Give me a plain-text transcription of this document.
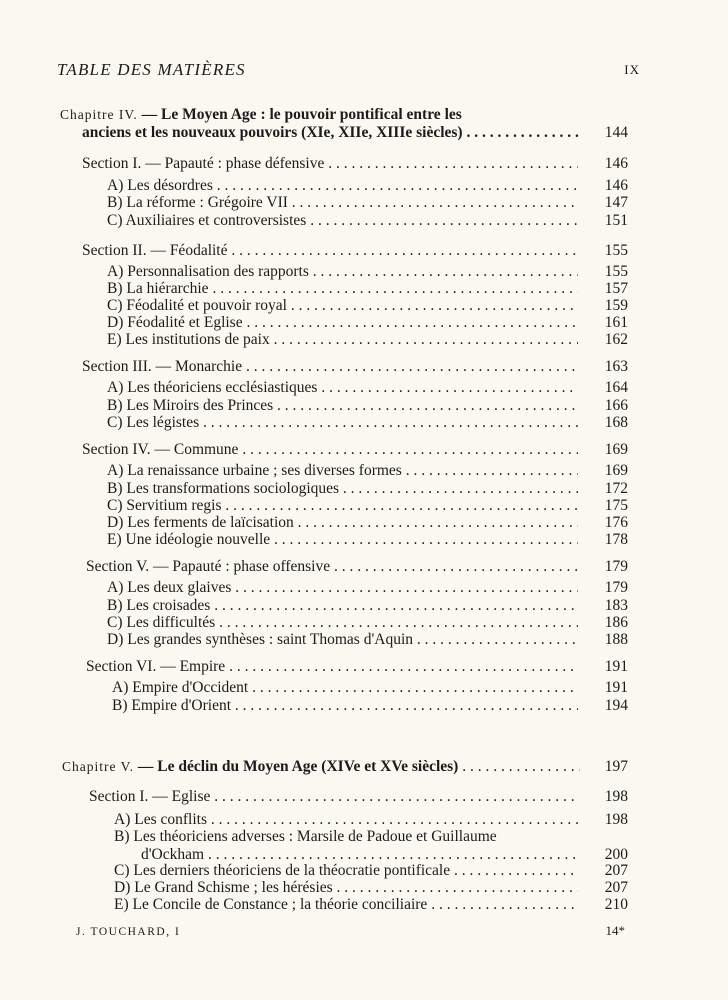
TABLE DES MATIÈRES	IX
Chapitre IV. — Le Moyen Age : le pouvoir pontifical entre les
anciens et les nouveaux pouvoirs (XIe, XIIe, XIIIe siècles) . . .	144
Section I. — Papauté : phase défensive . . .	146
A) Les désordres . . .	146
B) La réforme : Grégoire VII . . .	147
C) Auxiliaires et controversistes . . .	151
Section II. — Féodalité . . .	155
A) Personnalisation des rapports . . .	155
B) La hiérarchie . . .	157
C) Féodalité et pouvoir royal . . .	159
D) Féodalité et Eglise . . .	161
E) Les institutions de paix . . .	162
Section III. — Monarchie . . .	163
A) Les théoriciens ecclésiastiques . . .	164
B) Les Miroirs des Princes . . .	166
C) Les légistes . . .	168
Section IV. — Commune . . .	169
A) La renaissance urbaine ; ses diverses formes . . .	169
B) Les transformations sociologiques . . .	172
C) Servitium regis . . .	175
D) Les ferments de laïcisation . . .	176
E) Une idéologie nouvelle . . .	178
Section V. — Papauté : phase offensive . . .	179
A) Les deux glaives . . .	179
B) Les croisades . . .	183
C) Les difficultés . . .	186
D) Les grandes synthèses : saint Thomas d'Aquin . . .	188
Section VI. — Empire . . .	191
A) Empire d'Occident . . .	191
B) Empire d'Orient . . .	194
Chapitre V. — Le déclin du Moyen Age (XIVe et XVe siècles) . . .	197
Section I. — Eglise . . .	198
A) Les conflits . . .	198
B) Les théoriciens adverses : Marsile de Padoue et Guillaume
d'Ockham . . .	200
C) Les derniers théoriciens de la théocratie pontificale . . .	207
D) Le Grand Schisme ; les hérésies . . .	207
E) Le Concile de Constance ; la théorie conciliaire . . .	210
J. TOUCHARD, I	14*
